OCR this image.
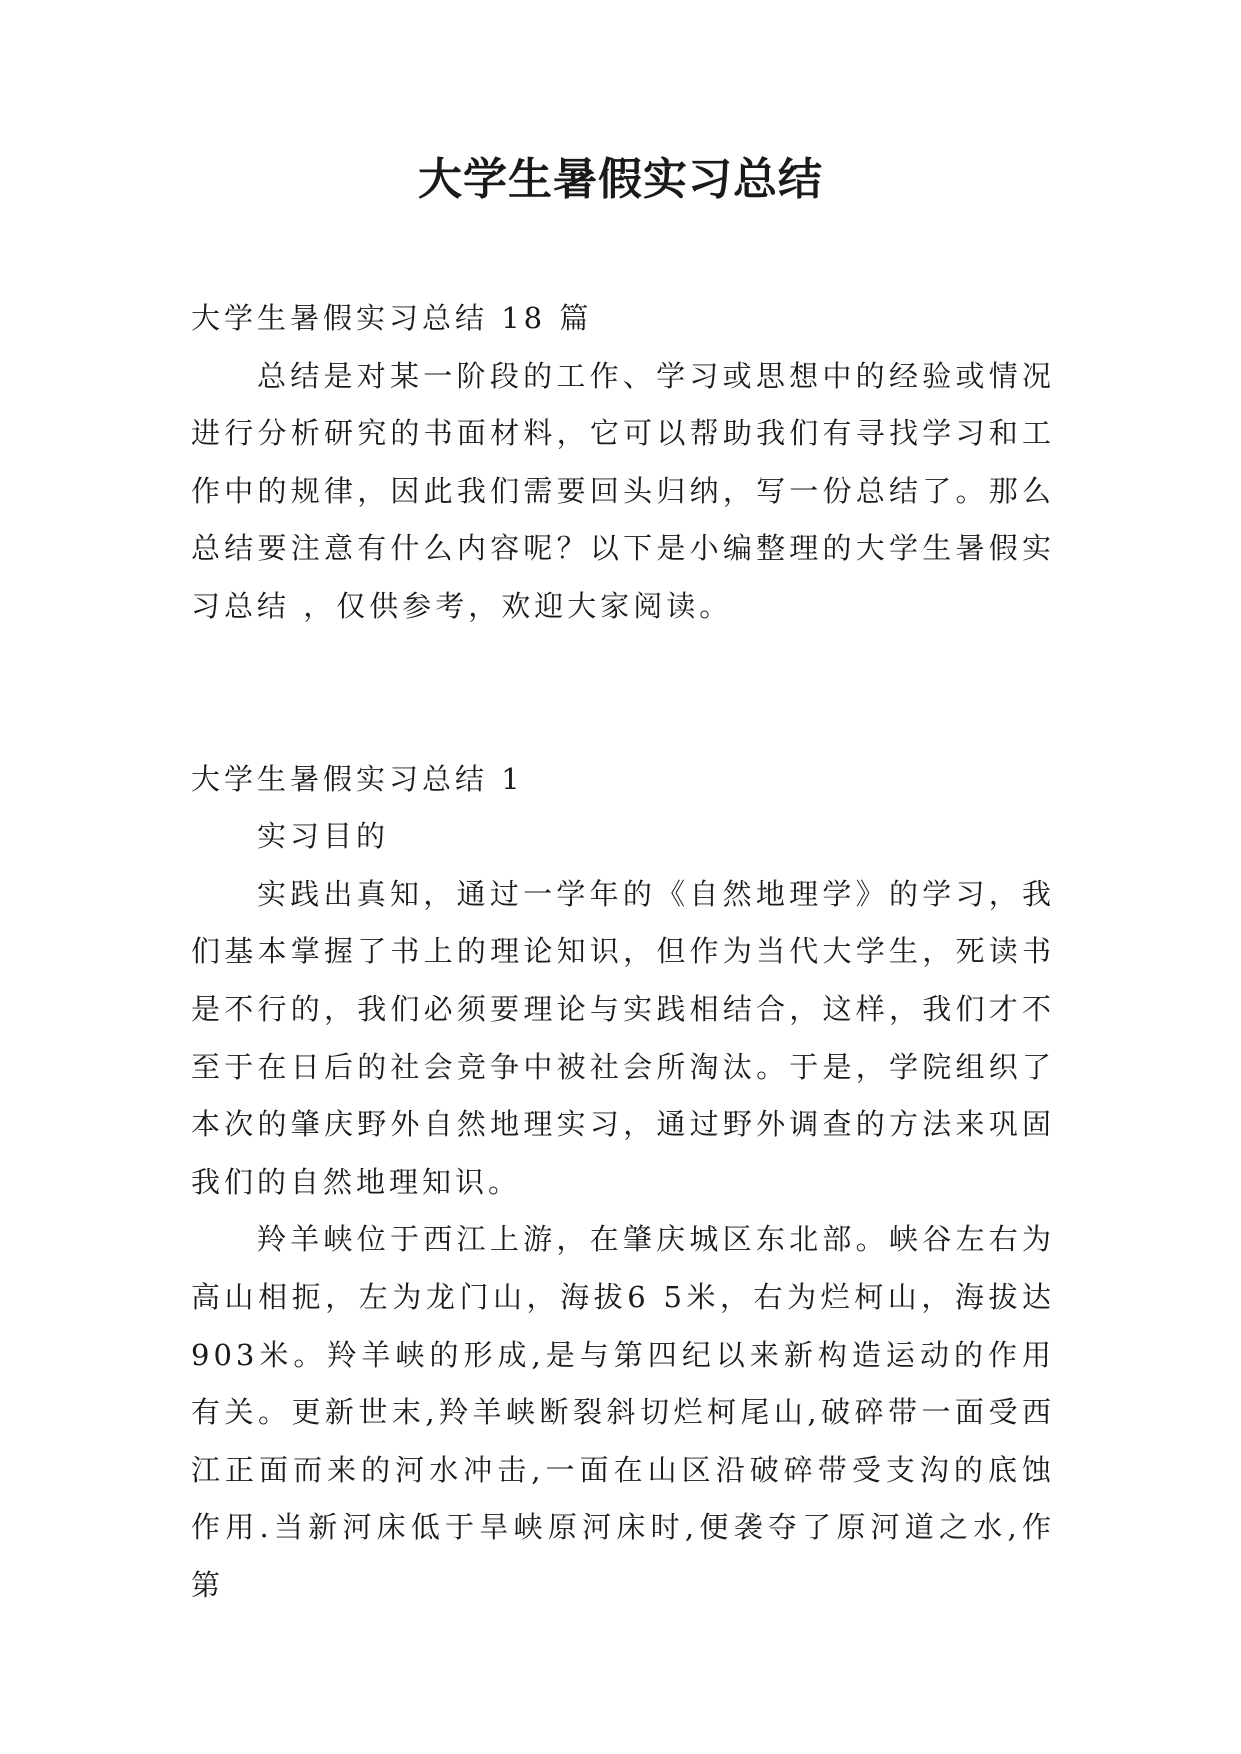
大学生暑假实习总结

大学生暑假实习总结 18 篇

总结是对某一阶段的工作、学习或思想中的经验或情况进行分析研究的书面材料，它可以帮助我们有寻找学习和工作中的规律，因此我们需要回头归纳，写一份总结了。那么总结要注意有什么内容呢？以下是小编整理的大学生暑假实习总结 ，仅供参考，欢迎大家阅读。

大学生暑假实习总结 1

实习目的

实践出真知，通过一学年的《自然地理学》的学习，我们基本掌握了书上的理论知识，但作为当代大学生，死读书是不行的，我们必须要理论与实践相结合，这样，我们才不至于在日后的社会竞争中被社会所淘汰。于是，学院组织了本次的肇庆野外自然地理实习，通过野外调查的方法来巩固我们的自然地理知识。

羚羊峡位于西江上游，在肇庆城区东北部。峡谷左右为高山相扼，左为龙门山，海拔6 5米，右为烂柯山，海拔达903米。羚羊峡的形成,是与第四纪以来新构造运动的作用有关。更新世末,羚羊峡断裂斜切烂柯尾山,破碎带一面受西江正面而来的河水冲击,一面在山区沿破碎带受支沟的底蚀作用.当新河床低于旱峡原河床时,便袭夺了原河道之水,作第
